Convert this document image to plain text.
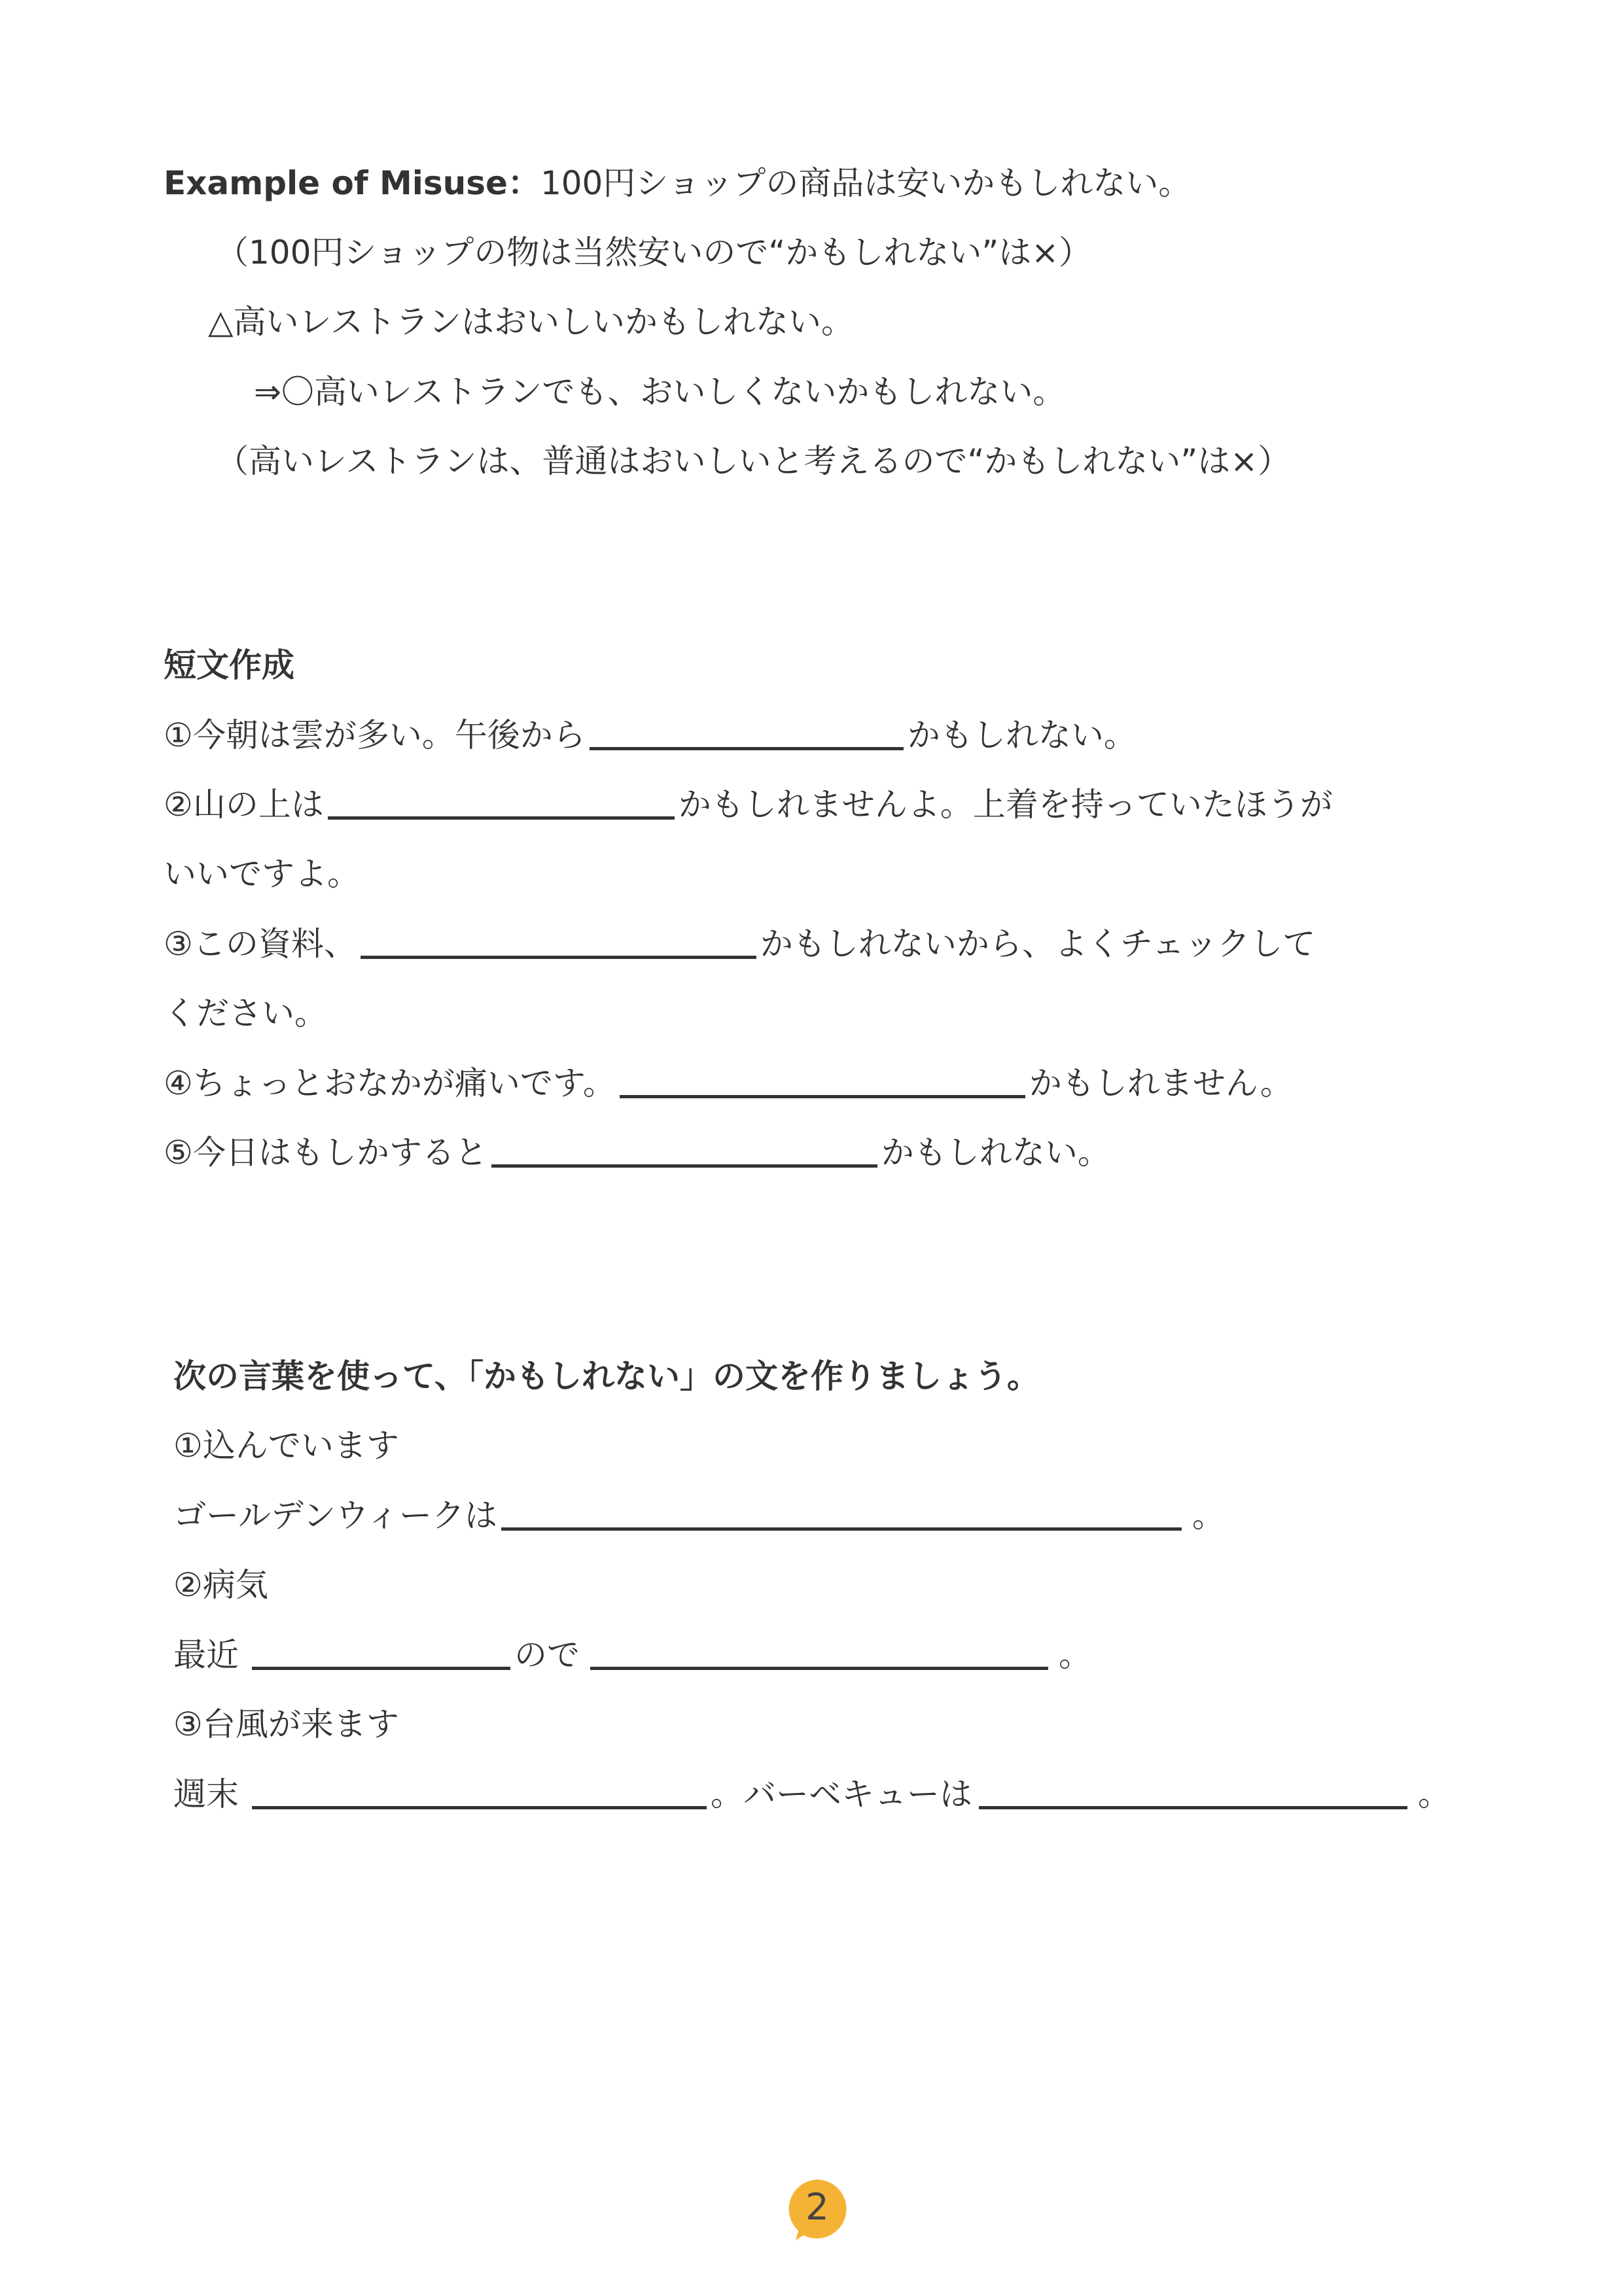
Example of Misuse： 100円ショップの商品は安いかもしれない。
（100円ショップの物は当然安いので“かもしれない”は×）
△高いレストランはおいしいかもしれない。
⇒〇高いレストランでも、おいしくないかもしれない。
（高いレストランは、普通はおいしいと考えるので“かもしれない”は×）
短文作成
①今朝は雲が多い。午後から	かもしれない。
②山の上は	かもしれませんよ。上着を持っていたほうが
いいですよ。
③この資料、	かもしれないから、よくチェックして
ください。
④ちょっとおなかが痛いです。	かもしれません。
⑤今日はもしかすると	かもしれない。
次の言葉を使って、「かもしれない」の文を作りましょう。
①込んでいます
ゴールデンウィークは	。
②病気
最近	ので	。
③台風が来ます
週末	。バーベキューは	。
2
